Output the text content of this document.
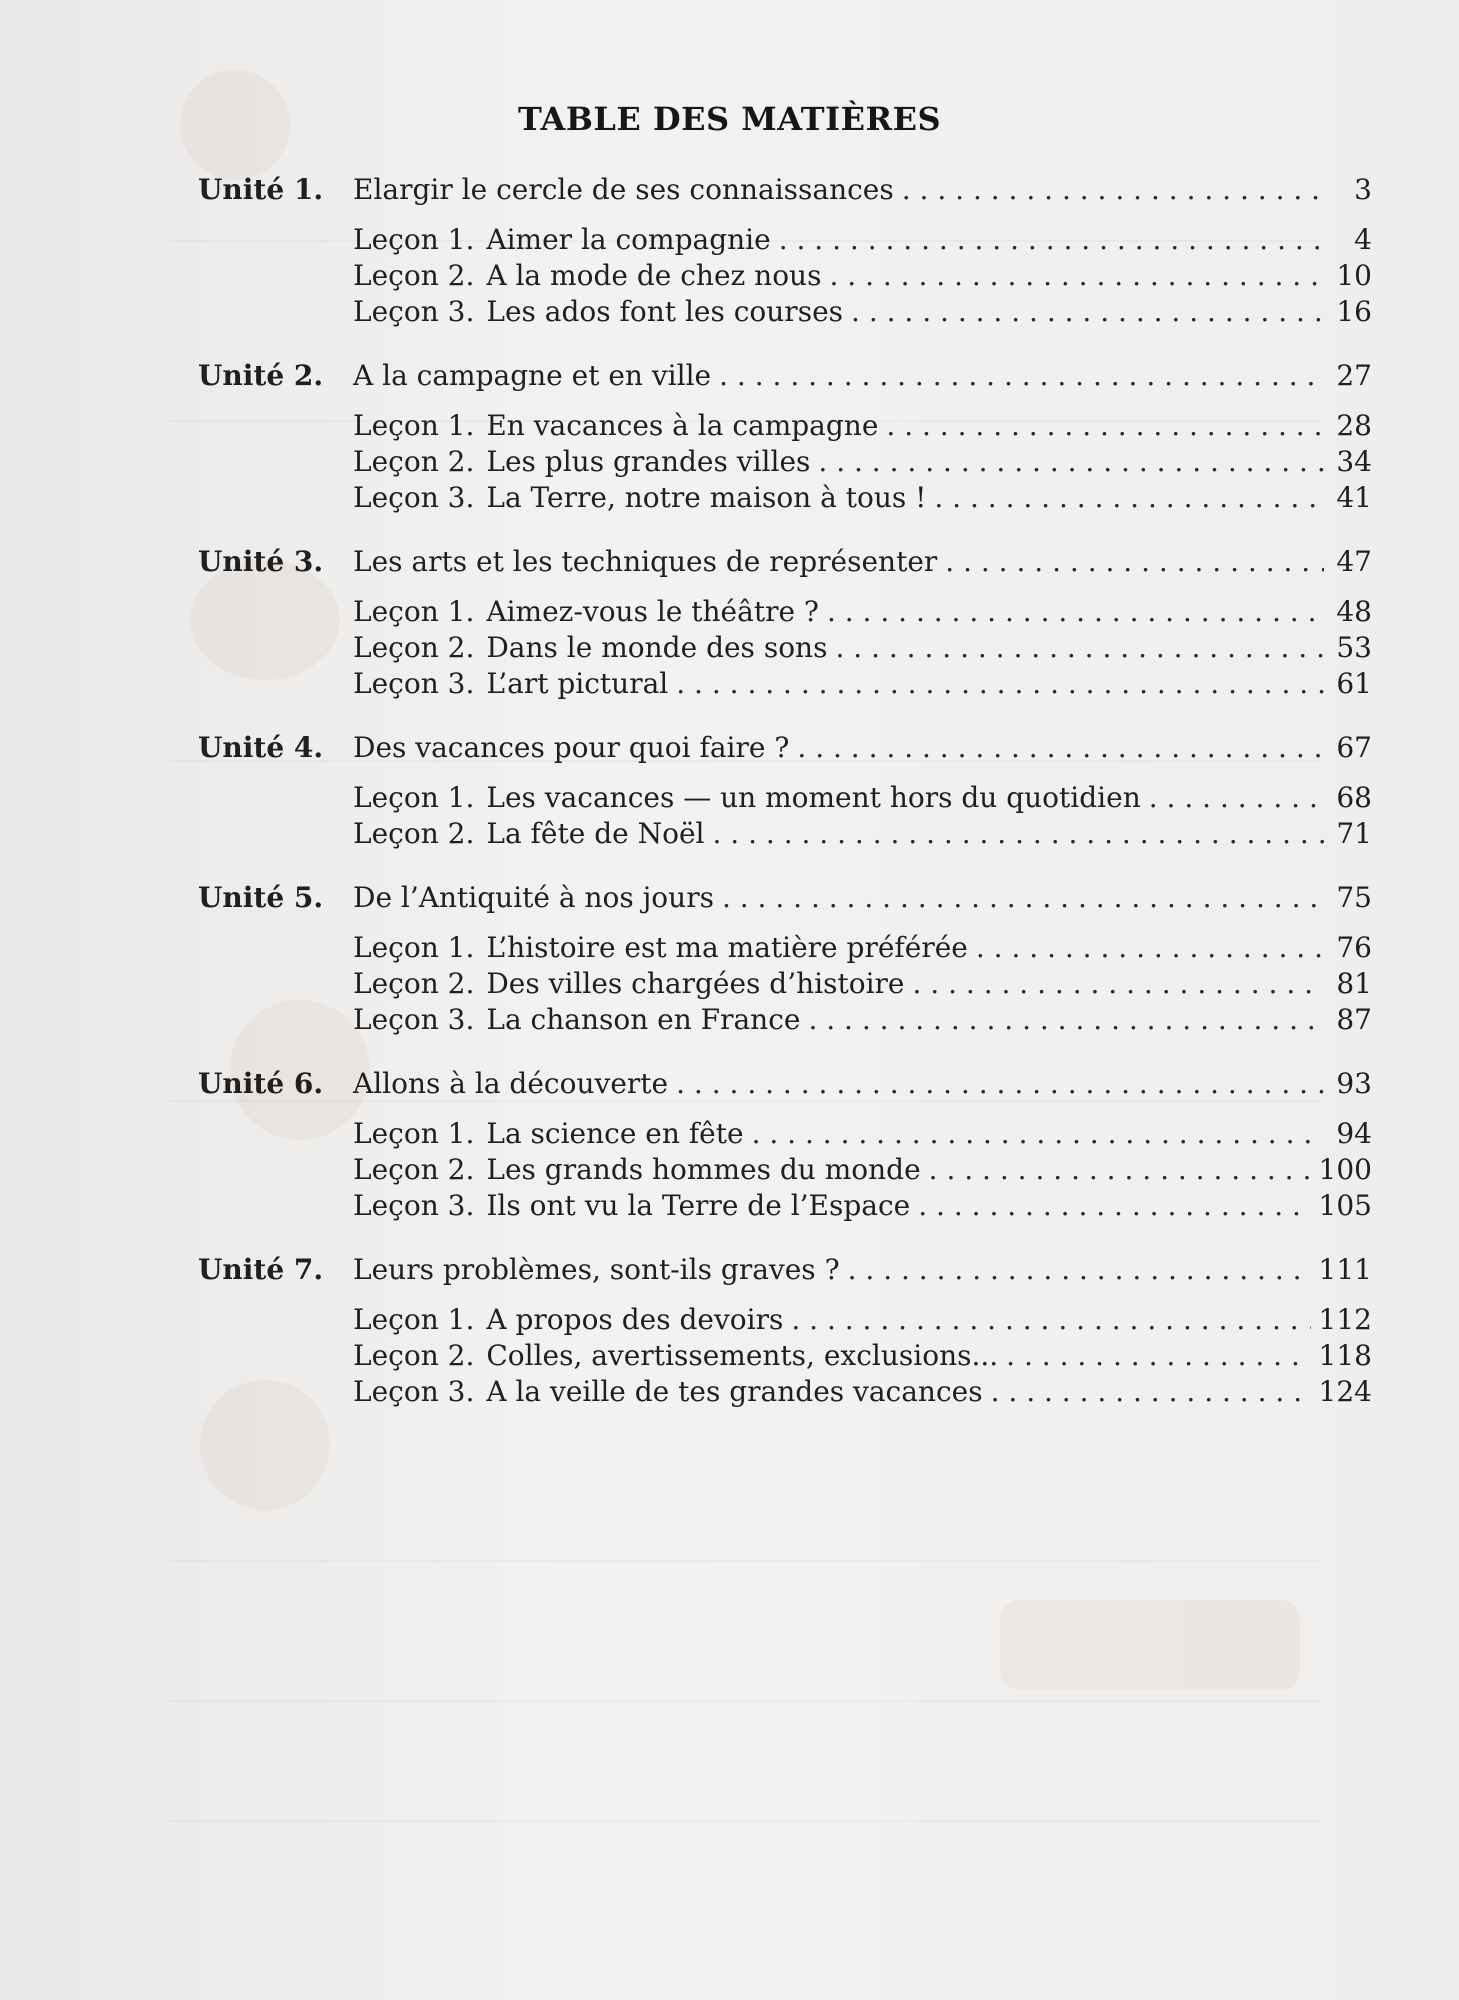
TABLE DES MATIÈRES
Unité 1.	Elargir le cercle de ses connaissances . . .	3
Leçon 1. Aimer la compagnie . . .	4
Leçon 2. A la mode de chez nous . . .	10
Leçon 3. Les ados font les courses . . .	16
Unité 2.	A la campagne et en ville . . .	27
Leçon 1. En vacances à la campagne . . .	28
Leçon 2. Les plus grandes villes . . .	34
Leçon 3. La Terre, notre maison à tous ! . . .	41
Unité 3.	Les arts et les techniques de représenter . . .	47
Leçon 1. Aimez-vous le théâtre ? . . .	48
Leçon 2. Dans le monde des sons . . .	53
Leçon 3. L’art pictural . . .	61
Unité 4.	Des vacances pour quoi faire ? . . .	67
Leçon 1. Les vacances — un moment hors du quotidien . . .	68
Leçon 2. La fête de Noël . . .	71
Unité 5.	De l’Antiquité à nos jours . . .	75
Leçon 1. L’histoire est ma matière préférée . . .	76
Leçon 2. Des villes chargées d’histoire . . .	81
Leçon 3. La chanson en France . . .	87
Unité 6.	Allons à la découverte . . .	93
Leçon 1. La science en fête . . .	94
Leçon 2. Les grands hommes du monde . . .	100
Leçon 3. Ils ont vu la Terre de l’Espace . . .	105
Unité 7.	Leurs problèmes, sont-ils graves ? . . .	111
Leçon 1. A propos des devoirs . . .	112
Leçon 2. Colles, avertissements, exclusions... . . .	118
Leçon 3. A la veille de tes grandes vacances . . .	124
